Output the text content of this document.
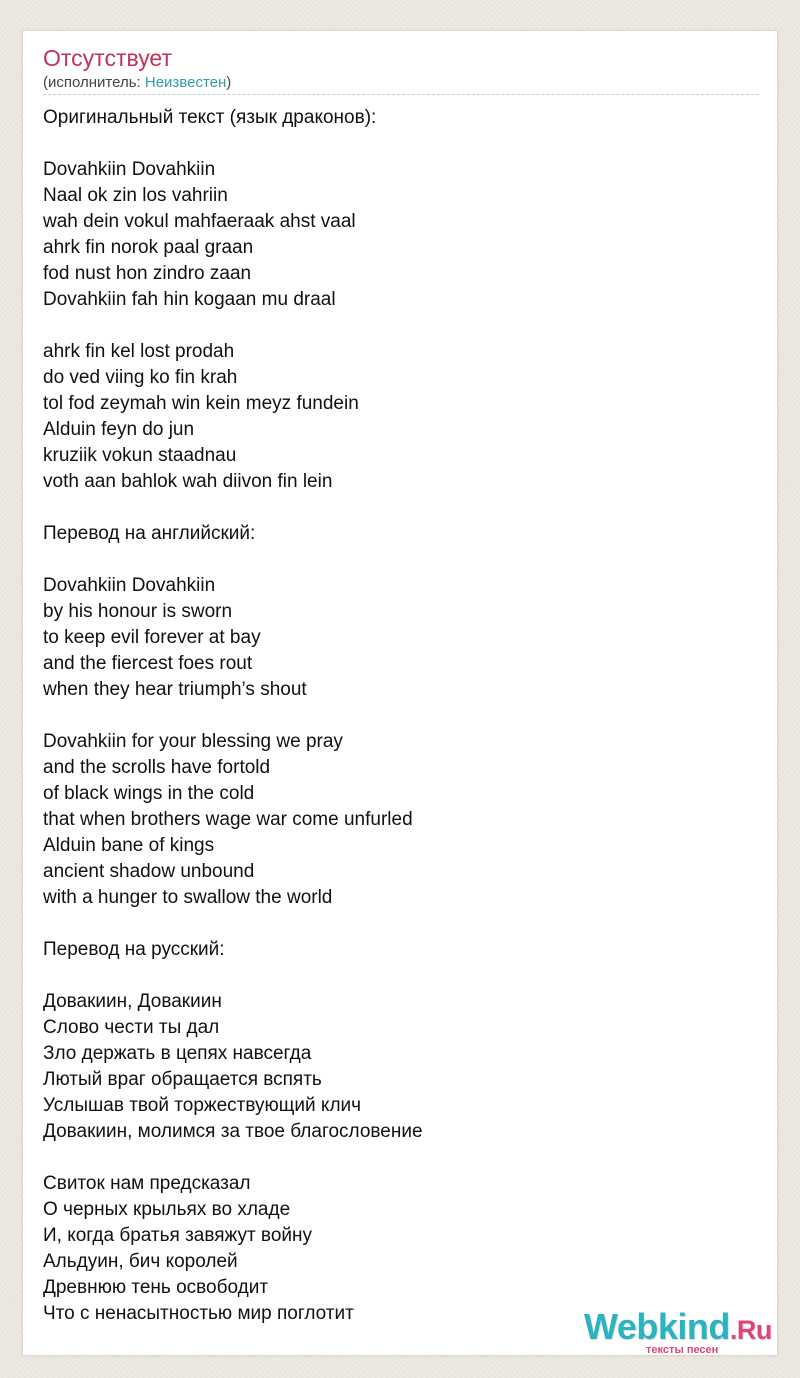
Отсутствует
(исполнитель: Неизвестен)
Оригинальный текст (язык драконов):
Dovahkiin Dovahkiin
Naal ok zin los vahriin
wah dein vokul mahfaeraak ahst vaal
ahrk fin norok paal graan
fod nust hon zindro zaan
Dovahkiin fah hin kogaan mu draal
ahrk fin kel lost prodah
do ved viing ko fin krah
tol fod zeymah win kein meyz fundein
Alduin feyn do jun
kruziik vokun staadnau
voth aan bahlok wah diivon fin lein
Перевод на английский:
Dovahkiin Dovahkiin
by his honour is sworn
to keep evil forever at bay
and the fiercest foes rout
when they hear triumph’s shout
Dovahkiin for your blessing we pray
and the scrolls have fortold
of black wings in the cold
that when brothers wage war come unfurled
Alduin bane of kings
ancient shadow unbound
with a hunger to swallow the world
Перевод на русский:
Довакиин, Довакиин
Слово чести ты дал
Зло держать в цепях навсегда
Лютый враг обращается вспять
Услышав твой торжествующий клич
Довакиин, молимся за твое благословение
Свиток нам предсказал
О черных крыльях во хладе
И, когда братья завяжут войну
Альдуин, бич королей
Древнюю тень освободит
Что с ненасытностью мир поглотит	Webkind.Ru
тексты песен
